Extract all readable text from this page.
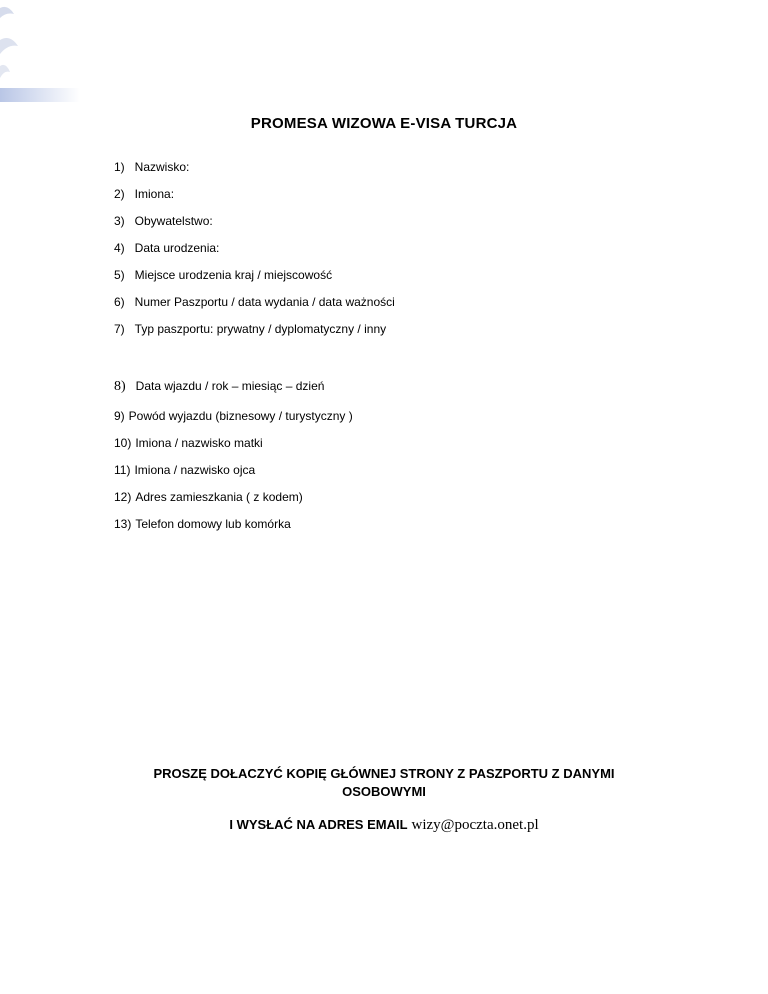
PROMESA WIZOWA E-VISA TURCJA
1) Nazwisko:
2) Imiona:
3) Obywatelstwo:
4) Data urodzenia:
5) Miejsce urodzenia kraj / miejscowość
6) Numer Paszportu / data wydania / data ważności
7) Typ paszportu: prywatny / dyplomatyczny / inny
8) Data wjazdu / rok – miesiąc – dzień
9) Powód wyjazdu (biznesowy / turystyczny )
10) Imiona / nazwisko matki
11) Imiona / nazwisko ojca
12) Adres zamieszkania ( z kodem)
13) Telefon domowy lub komórka
PROSZĘ DOŁACZYĆ KOPIĘ GŁÓWNEJ STRONY Z PASZPORTU Z DANYMI
OSOBOWYMI
I WYSŁAĆ NA ADRES EMAIL wizy@poczta.onet.pl
